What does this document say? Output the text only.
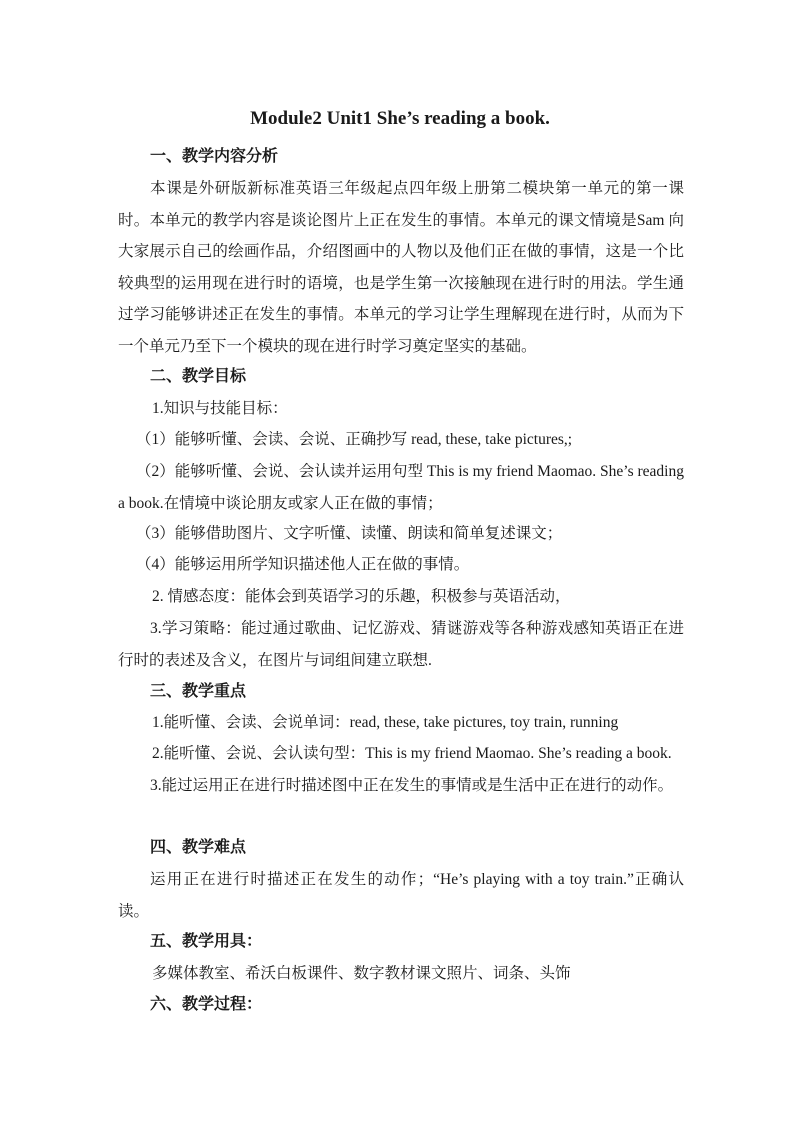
Module2 Unit1 She’s reading a book.
一、教学内容分析

本课是外研版新标准英语三年级起点四年级上册第二模块第一单元的第一课时。本单元的教学内容是谈论图片上正在发生的事情。本单元的课文情境是Sam 向大家展示自己的绘画作品，介绍图画中的人物以及他们正在做的事情，这是一个比较典型的运用现在进行时的语境，也是学生第一次接触现在进行时的用法。学生通过学习能够讲述正在发生的事情。本单元的学习让学生理解现在进行时，从而为下一个单元乃至下一个模块的现在进行时学习奠定坚实的基础。

二、教学目标
1.知识与技能目标：
（1）能够听懂、会读、会说、正确抄写 read, these, take pictures,;

（2）能够听懂、会说、会认读并运用句型 This is my friend Maomao. She’s reading a book.在情境中谈论朋友或家人正在做的事情；

（3）能够借助图片、文字听懂、读懂、朗读和简单复述课文；
（4）能够运用所学知识描述他人正在做的事情。
2. 情感态度：能体会到英语学习的乐趣，积极参与英语活动，

3.学习策略：能过通过歌曲、记忆游戏、猜谜游戏等各种游戏感知英语正在进行时的表述及含义，在图片与词组间建立联想.

三、教学重点
1.能听懂、会读、会说单词：read, these, take pictures, toy train, running
2.能听懂、会说、会认读句型：This is my friend Maomao. She’s reading a book.

3.能过运用正在进行时描述图中正在发生的事情或是生活中正在进行的动作。

四、教学难点

运用正在进行时描述正在发生的动作；“He’s playing with a toy train.”正确认读。

五、教学用具：
多媒体教室、希沃白板课件、数字教材课文照片、词条、头饰
六、教学过程：
